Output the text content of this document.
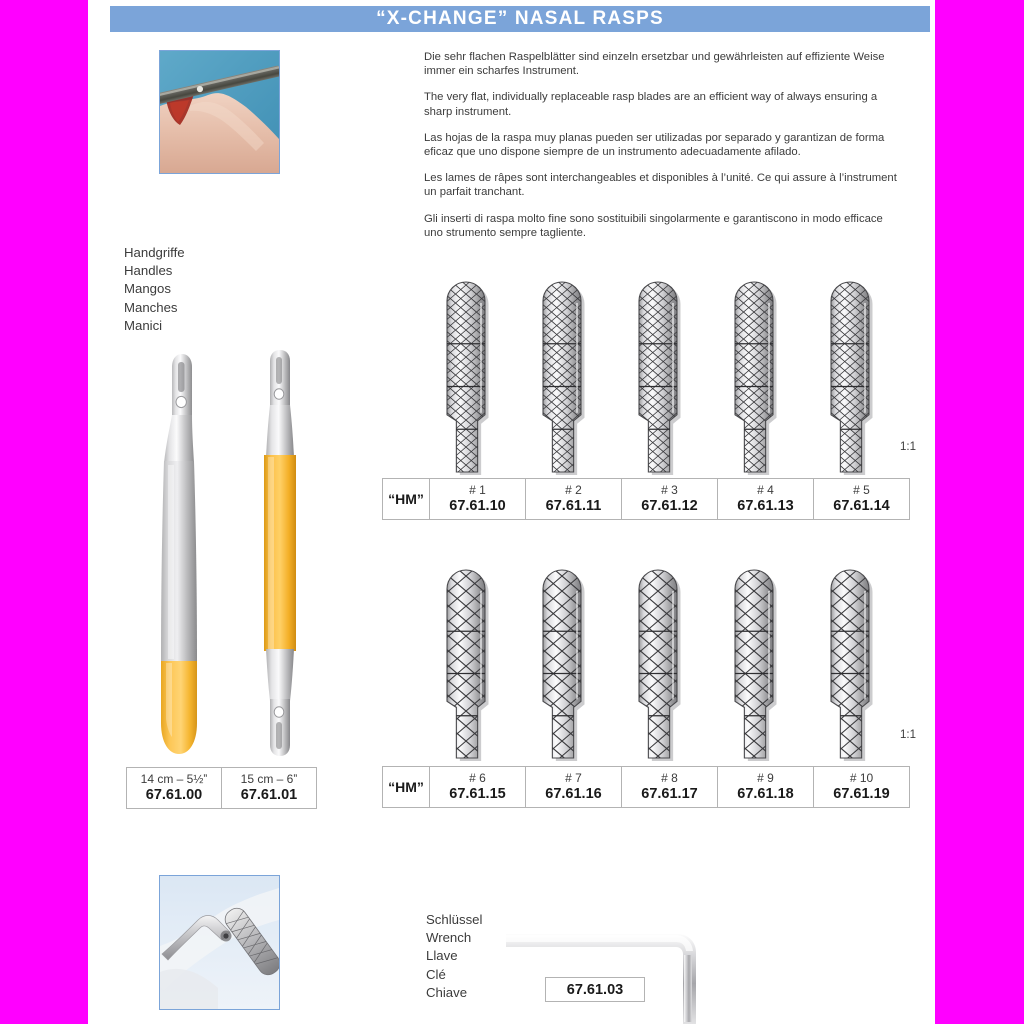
“X-CHANGE” NASAL RASPS

Die sehr flachen Raspelblätter sind einzeln ersetzbar und gewährleisten auf effiziente Weise immer ein scharfes Instrument.

The very flat, individually replaceable rasp blades are an efficient way of always ensuring a sharp instrument.

Las hojas de la raspa muy planas pueden ser utilizadas por separado y garantizan de forma eficaz que uno dispone siempre de un instrumento adecuadamente afilado.

Les lames de râpes sont interchangeables et disponibles à l’unité. Ce qui assure à l’instrument un parfait tranchant.

Gli inserti di raspa molto fine sono sostituibili singolarmente e garantiscono in modo efficace uno strumento sempre tagliente.

Handgriffe
Handles
Mangos
Manches
Manici
14 cm – 5½ˮ
67.61.00

15 cm – 6ˮ
67.61.01
1:1
“HM”	
# 1
67.61.10

# 2
67.61.11

# 3
67.61.12

# 4
67.61.13

# 5
67.61.14
1:1
“HM”	
# 6
67.61.15

# 7
67.61.16

# 8
67.61.17

# 9
67.61.18

# 10
67.61.19
Schlüssel
Wrench
Llave
Clé
Chiave	67.61.03
